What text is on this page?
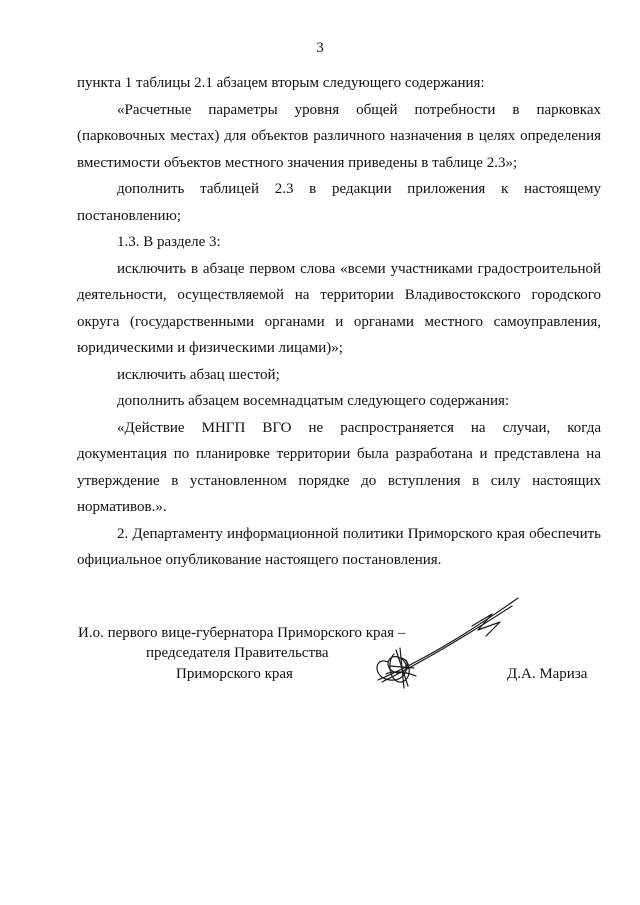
3

пункта 1 таблицы 2.1 абзацем вторым следующего содержания:

«Расчетные параметры уровня общей потребности в парковках (парковочных местах) для объектов различного назначения в целях определения вместимости объектов местного значения приведены в таблице 2.3»;

дополнить таблицей 2.3 в редакции приложения к настоящему постановлению;

1.3. В разделе 3:

исключить в абзаце первом слова «всеми участниками градостроительной деятельности, осуществляемой на территории Владивостокского городского округа (государственными органами и органами местного самоуправления, юридическими и физическими лицами)»;

исключить абзац шестой;

дополнить абзацем восемнадцатым следующего содержания:

«Действие МНГП ВГО не распространяется на случаи, когда документация по планировке территории была разработана и представлена на утверждение в установленном порядке до вступления в силу настоящих нормативов.».

2. Департаменту информационной политики Приморского края обеспечить официальное опубликование настоящего постановления.

И.о. первого вице-губернатора Приморского края –
председателя Правительства
Приморского края	Д.А. Мариза
